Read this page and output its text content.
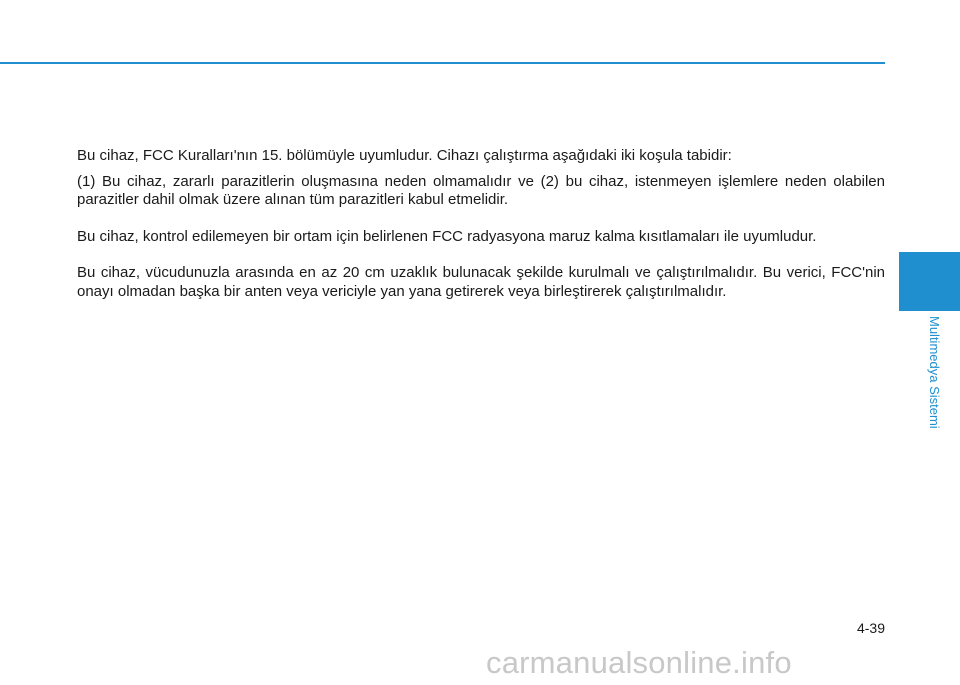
Multimedya Sistemi

Bu cihaz, FCC Kuralları'nın 15. bölümüyle uyumludur. Cihazı çalıştırma aşağıdaki iki koşula tabidir:

(1) Bu cihaz, zararlı parazitlerin oluşmasına neden olmamalıdır ve (2) bu cihaz, istenmeyen işlemlere neden olabilen parazitler dahil olmak üzere alınan tüm parazitleri kabul etmelidir.

Bu cihaz, kontrol edilemeyen bir ortam için belirlenen FCC radyasyona maruz kalma kısıtlamaları ile uyumludur.

Bu cihaz, vücudunuzla arasında en az 20 cm uzaklık bulunacak şekilde kurulmalı ve çalıştırılmalıdır. Bu verici, FCC'nin onayı olmadan başka bir anten veya vericiyle yan yana getirerek veya birleştirerek çalıştırılmalıdır.

4-39
carmanualsonline.info
